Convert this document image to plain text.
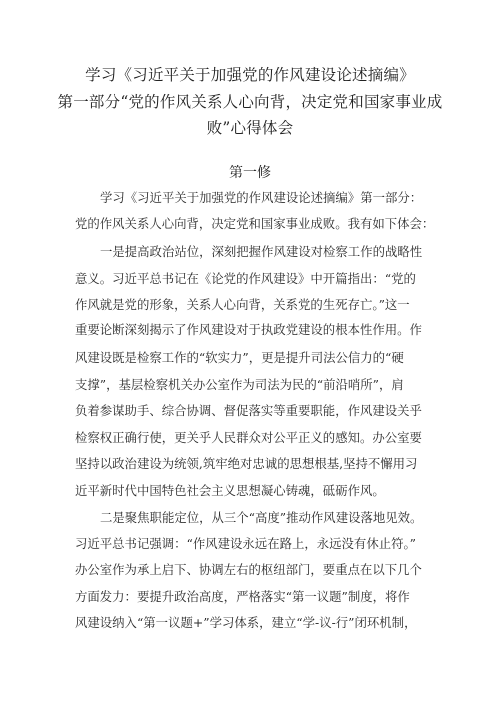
学习《习近平关于加强党的作风建设论述摘编》
第一部分“党的作风关系人心向背，决定党和国家事业成
败”心得体会
第一修
学习《习近平关于加强党的作风建设论述摘编》第一部分：
党的作风关系人心向背，决定党和国家事业成败。我有如下体会：
一是提高政治站位，深刻把握作风建设对检察工作的战略性
意义。习近平总书记在《论党的作风建设》中开篇指出：“党的
作风就是党的形象，关系人心向背，关系党的生死存亡。”这一
重要论断深刻揭示了作风建设对于执政党建设的根本性作用。作
风建设既是检察工作的“软实力”，更是提升司法公信力的“硬
支撑”，基层检察机关办公室作为司法为民的“前沿哨所”，肩
负着参谋助手、综合协调、督促落实等重要职能，作风建设关乎
检察权正确行使，更关乎人民群众对公平正义的感知。办公室要
坚持以政治建设为统领,筑牢绝对忠诚的思想根基,坚持不懈用习
近平新时代中国特色社会主义思想凝心铸魂，砥砺作风。
二是聚焦职能定位，从三个“高度”推动作风建设落地见效。
习近平总书记强调：“作风建设永远在路上，永远没有休止符。”
办公室作为承上启下、协调左右的枢纽部门，要重点在以下几个
方面发力：要提升政治高度，严格落实“第一议题”制度，将作
风建设纳入“第一议题+”学习体系，建立“学-议-行”闭环机制，
